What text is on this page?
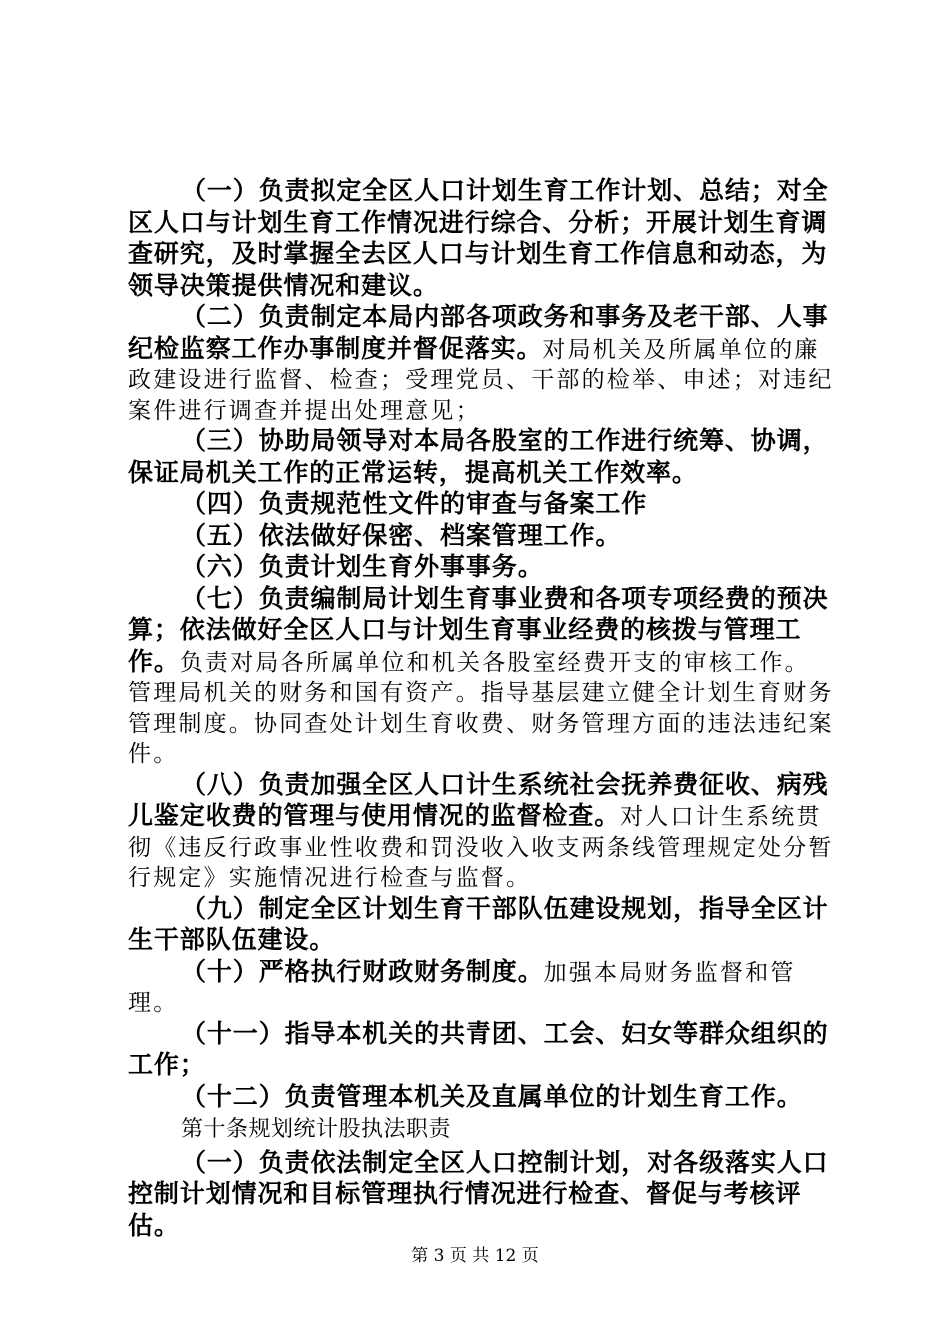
（一）负责拟定全区人口计划生育工作计划、总结；对全区人口与计划生育工作情况进行综合、分析；开展计划生育调查研究，及时掌握全去区人口与计划生育工作信息和动态，为领导决策提供情况和建议。

（二）负责制定本局内部各项政务和事务及老干部、人事纪检监察工作办事制度并督促落实。对局机关及所属单位的廉政建设进行监督、检查；受理党员、干部的检举、申述；对违纪案件进行调查并提出处理意见；

（三）协助局领导对本局各股室的工作进行统筹、协调，保证局机关工作的正常运转，提高机关工作效率。

（四）负责规范性文件的审查与备案工作

（五）依法做好保密、档案管理工作。

（六）负责计划生育外事事务。

（七）负责编制局计划生育事业费和各项专项经费的预决算；依法做好全区人口与计划生育事业经费的核拨与管理工作。负责对局各所属单位和机关各股室经费开支的审核工作。管理局机关的财务和国有资产。指导基层建立健全计划生育财务管理制度。协同查处计划生育收费、财务管理方面的违法违纪案件。

（八）负责加强全区人口计生系统社会抚养费征收、病残儿鉴定收费的管理与使用情况的监督检查。对人口计生系统贯彻《违反行政事业性收费和罚没收入收支两条线管理规定处分暂行规定》实施情况进行检查与监督。

（九）制定全区计划生育干部队伍建设规划，指导全区计生干部队伍建设。

（十）严格执行财政财务制度。加强本局财务监督和管理。

（十一）指导本机关的共青团、工会、妇女等群众组织的工作；

（十二）负责管理本机关及直属单位的计划生育工作。

第十条规划统计股执法职责

（一）负责依法制定全区人口控制计划，对各级落实人口控制计划情况和目标管理执行情况进行检查、督促与考核评估。

第 3 页 共 12 页
